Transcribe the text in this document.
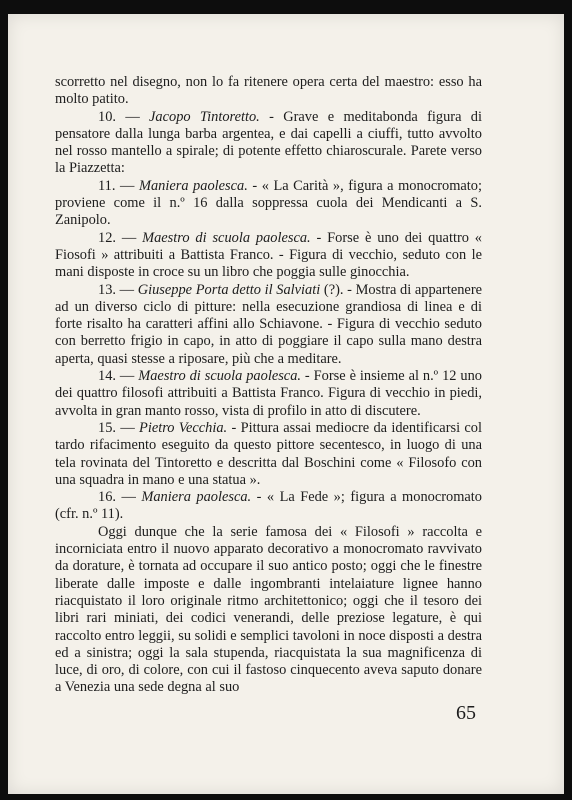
scorretto nel disegno, non lo fa ritenere opera certa del maestro: esso ha molto patito.

10. — Jacopo Tintoretto. - Grave e meditabonda figura di pensatore dalla lunga barba argentea, e dai capelli a ciuffi, tutto avvolto nel rosso mantello a spirale; di potente effetto chiaroscurale. Parete verso la Piazzetta:

11. — Maniera paolesca. - « La Carità », figura a monocromato; proviene come il n.º 16 dalla soppressa cuola dei Mendicanti a S. Zanipolo.

12. — Maestro di scuola paolesca. - Forse è uno dei quattro « Fiosofi » attribuiti a Battista Franco. - Figura di vecchio, seduto con le mani disposte in croce su un libro che poggia sulle ginocchia.

13. — Giuseppe Porta detto il Salviati (?). - Mostra di appartenere ad un diverso ciclo di pitture: nella esecuzione grandiosa di linea e di forte risalto ha caratteri affini allo Schiavone. - Figura di vecchio seduto con berretto frigio in capo, in atto di poggiare il capo sulla mano destra aperta, quasi stesse a riposare, più che a meditare.

14. — Maestro di scuola paolesca. - Forse è insieme al n.º 12 uno dei quattro filosofi attribuiti a Battista Franco. Figura di vecchio in piedi, avvolta in gran manto rosso, vista di profilo in atto di discutere.

15. — Pietro Vecchia. - Pittura assai mediocre da identificarsi col tardo rifacimento eseguito da questo pittore secentesco, in luogo di una tela rovinata del Tintoretto e descritta dal Boschini come « Filosofo con una squadra in mano e una statua ».

16. — Maniera paolesca. - « La Fede »; figura a monocromato (cfr. n.º 11).

Oggi dunque che la serie famosa dei « Filosofi » raccolta e incorniciata entro il nuovo apparato decorativo a monocromato ravvivato da dorature, è tornata ad occupare il suo antico posto; oggi che le finestre liberate dalle imposte e dalle ingombranti intelaiature lignee hanno riacquistato il loro originale ritmo architettonico; oggi che il tesoro dei libri rari miniati, dei codici venerandi, delle preziose legature, è qui raccolto entro leggii, su solidi e semplici tavoloni in noce disposti a destra ed a sinistra; oggi la sala stupenda, riacquistata la sua magnificenza di luce, di oro, di colore, con cui il fastoso cinquecento aveva saputo donare a Venezia una sede degna al suo

65
